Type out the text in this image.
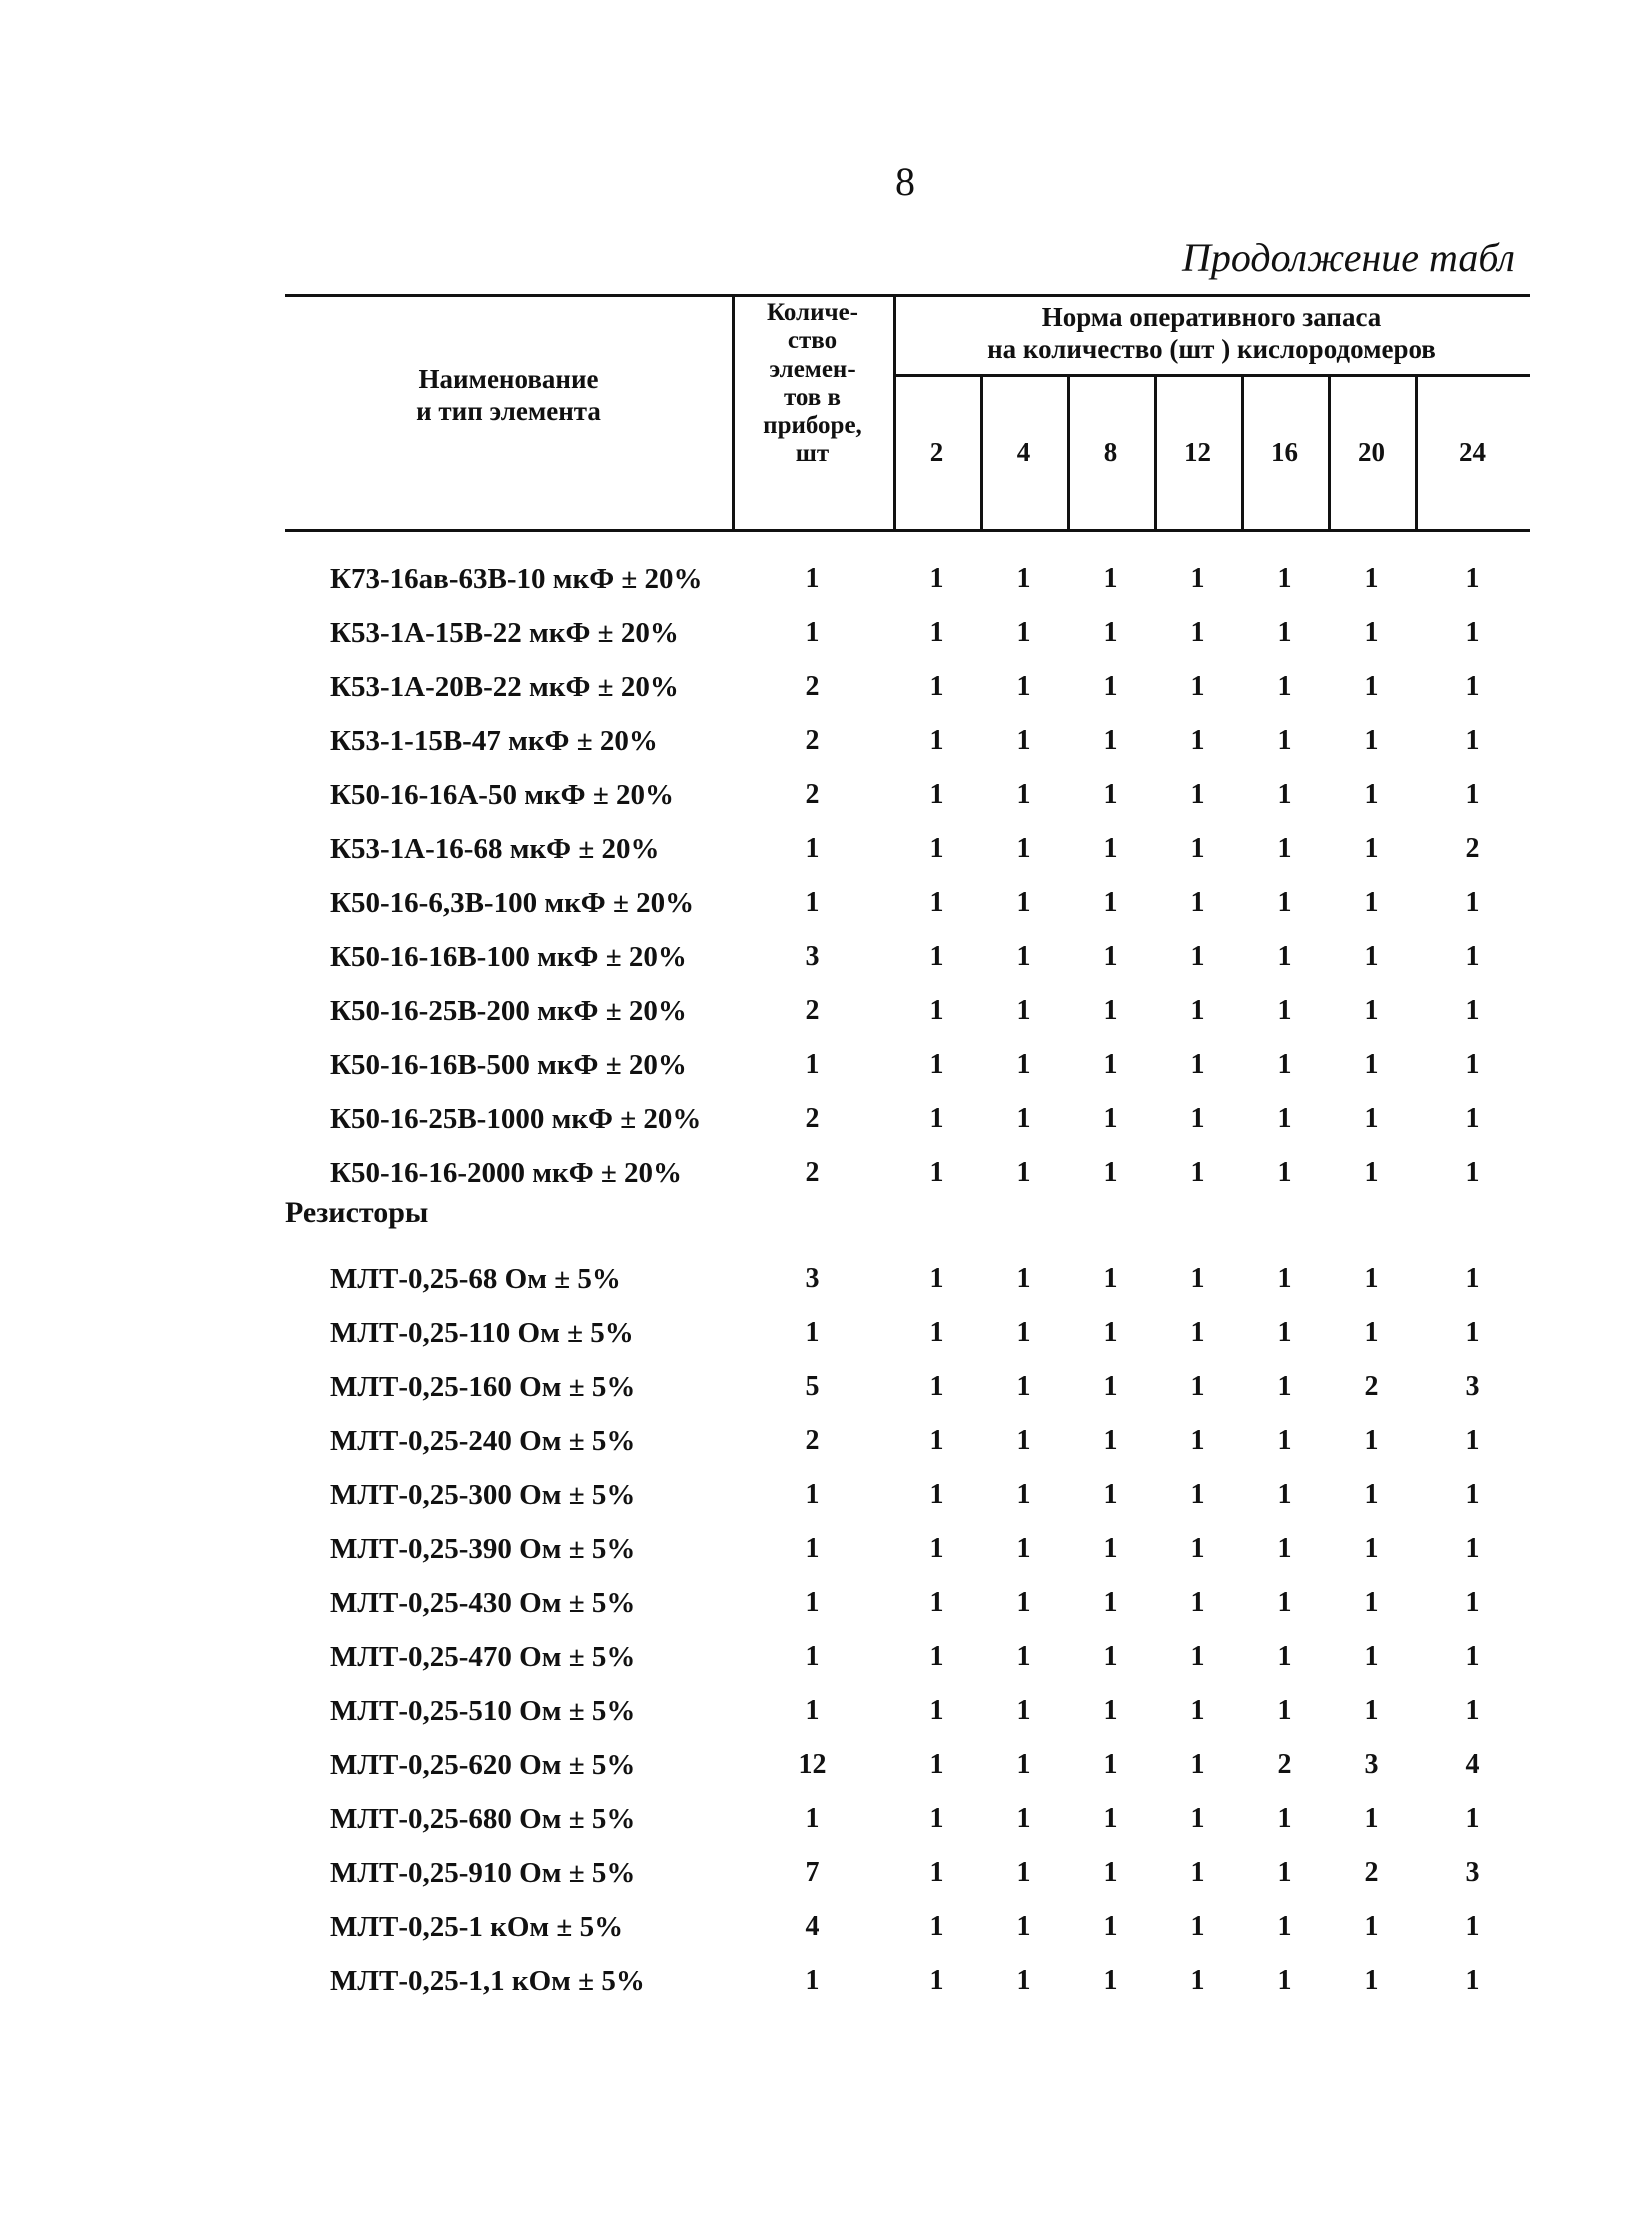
8
Продолжение табл
Наименование
и тип элемента
Количе-
ство
элемен-
тов в
приборе,
шт
Норма оперативного запаса
на количество (шт ) кислородомеров
2	4	8	12	16	20	24
К73-16ав-63В-10 мкФ ± 20%	1	1	1	1	1	1	1	1
К53-1А-15В-22 мкФ ± 20%	1	1	1	1	1	1	1	1
К53-1А-20В-22 мкФ ± 20%	2	1	1	1	1	1	1	1
К53-1-15В-47 мкФ ± 20%	2	1	1	1	1	1	1	1
К50-16-16А-50 мкФ ± 20%	2	1	1	1	1	1	1	1
К53-1А-16-68 мкФ ± 20%	1	1	1	1	1	1	1	2
К50-16-6,3В-100 мкФ ± 20%	1	1	1	1	1	1	1	1
К50-16-16В-100 мкФ ± 20%	3	1	1	1	1	1	1	1
К50-16-25В-200 мкФ ± 20%	2	1	1	1	1	1	1	1
К50-16-16В-500 мкФ ± 20%	1	1	1	1	1	1	1	1
К50-16-25В-1000 мкФ ± 20%	2	1	1	1	1	1	1	1
К50-16-16-2000 мкФ ± 20%	2	1	1	1	1	1	1	1
Резисторы
МЛТ-0,25-68 Ом ± 5%	3	1	1	1	1	1	1	1
МЛТ-0,25-110 Ом ± 5%	1	1	1	1	1	1	1	1
МЛТ-0,25-160 Ом ± 5%	5	1	1	1	1	1	2	3
МЛТ-0,25-240 Ом ± 5%	2	1	1	1	1	1	1	1
МЛТ-0,25-300 Ом ± 5%	1	1	1	1	1	1	1	1
МЛТ-0,25-390 Ом ± 5%	1	1	1	1	1	1	1	1
МЛТ-0,25-430 Ом ± 5%	1	1	1	1	1	1	1	1
МЛТ-0,25-470 Ом ± 5%	1	1	1	1	1	1	1	1
МЛТ-0,25-510 Ом ± 5%	1	1	1	1	1	1	1	1
МЛТ-0,25-620 Ом ± 5%	12	1	1	1	1	2	3	4
МЛТ-0,25-680 Ом ± 5%	1	1	1	1	1	1	1	1
МЛТ-0,25-910 Ом ± 5%	7	1	1	1	1	1	2	3
МЛТ-0,25-1 кОм ± 5%	4	1	1	1	1	1	1	1
МЛТ-0,25-1,1 кОм ± 5%	1	1	1	1	1	1	1	1
